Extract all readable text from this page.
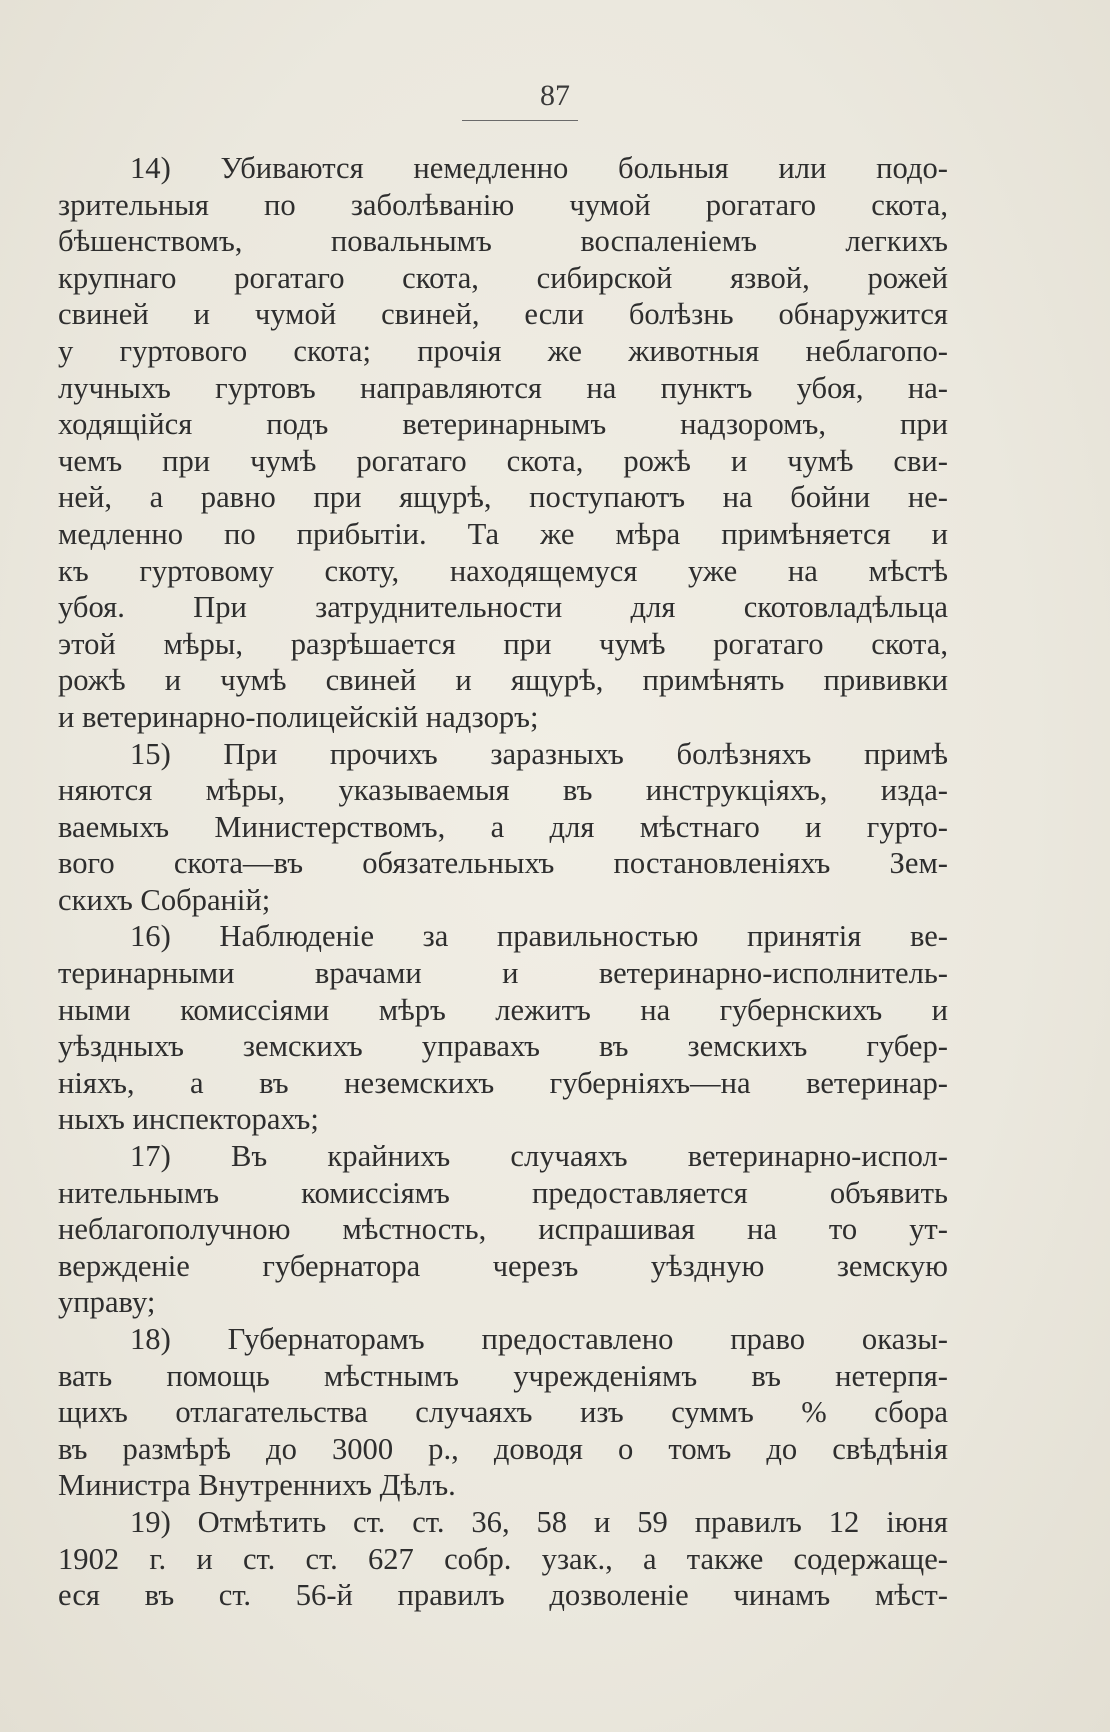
87
14) Убиваются немедленно больныя или подо-
зрительныя по заболѣванію чумой рогатаго скота,
бѣшенствомъ, повальнымъ воспаленіемъ легкихъ
крупнаго рогатаго скота, сибирской язвой, рожей
свиней и чумой свиней, если болѣзнь обнаружится
у гуртового скота; прочія же животныя неблагопо-
лучныхъ гуртовъ направляются на пунктъ убоя, на-
ходящійся подъ ветеринарнымъ надзоромъ, при
чемъ при чумѣ рогатаго скота, рожѣ и чумѣ сви-
ней, а равно при ящурѣ, поступаютъ на бойни не-
медленно по прибытіи. Та же мѣра примѣняется и
къ гуртовому скоту, находящемуся уже на мѣстѣ
убоя. При затруднительности для скотовладѣльца
этой мѣры, разрѣшается при чумѣ рогатаго скота,
рожѣ и чумѣ свиней и ящурѣ, примѣнять прививки
и ветеринарно-полицейскій надзоръ;
15) При прочихъ заразныхъ болѣзняхъ примѣ
няются мѣры, указываемыя въ инструкціяхъ, изда-
ваемыхъ Министерствомъ, а для мѣстнаго и гурто-
вого скота—въ обязательныхъ постановленіяхъ Зем-
скихъ Собраній;
16) Наблюденіе за правильностью принятія ве-
теринарными врачами и ветеринарно-исполнитель-
ными комиссіями мѣръ лежитъ на губернскихъ и
уѣздныхъ земскихъ управахъ въ земскихъ губер-
ніяхъ, а въ неземскихъ губерніяхъ—на ветеринар-
ныхъ инспекторахъ;
17) Въ крайнихъ случаяхъ ветеринарно-испол-
нительнымъ комиссіямъ предоставляется объявить
неблагополучною мѣстность, испрашивая на то ут-
вержденіе губернатора черезъ уѣздную земскую
управу;
18) Губернаторамъ предоставлено право оказы-
вать помощь мѣстнымъ учрежденіямъ въ нетерпя-
щихъ отлагательства случаяхъ изъ суммъ % сбора
въ размѣрѣ до 3000 р., доводя о томъ до свѣдѣнія
Министра Внутреннихъ Дѣлъ.
19) Отмѣтить ст. ст. 36, 58 и 59 правилъ 12 іюня
1902 г. и ст. ст. 627 собр. узак., а также содержаще-
еся въ ст. 56-й правилъ дозволеніе чинамъ мѣст-
